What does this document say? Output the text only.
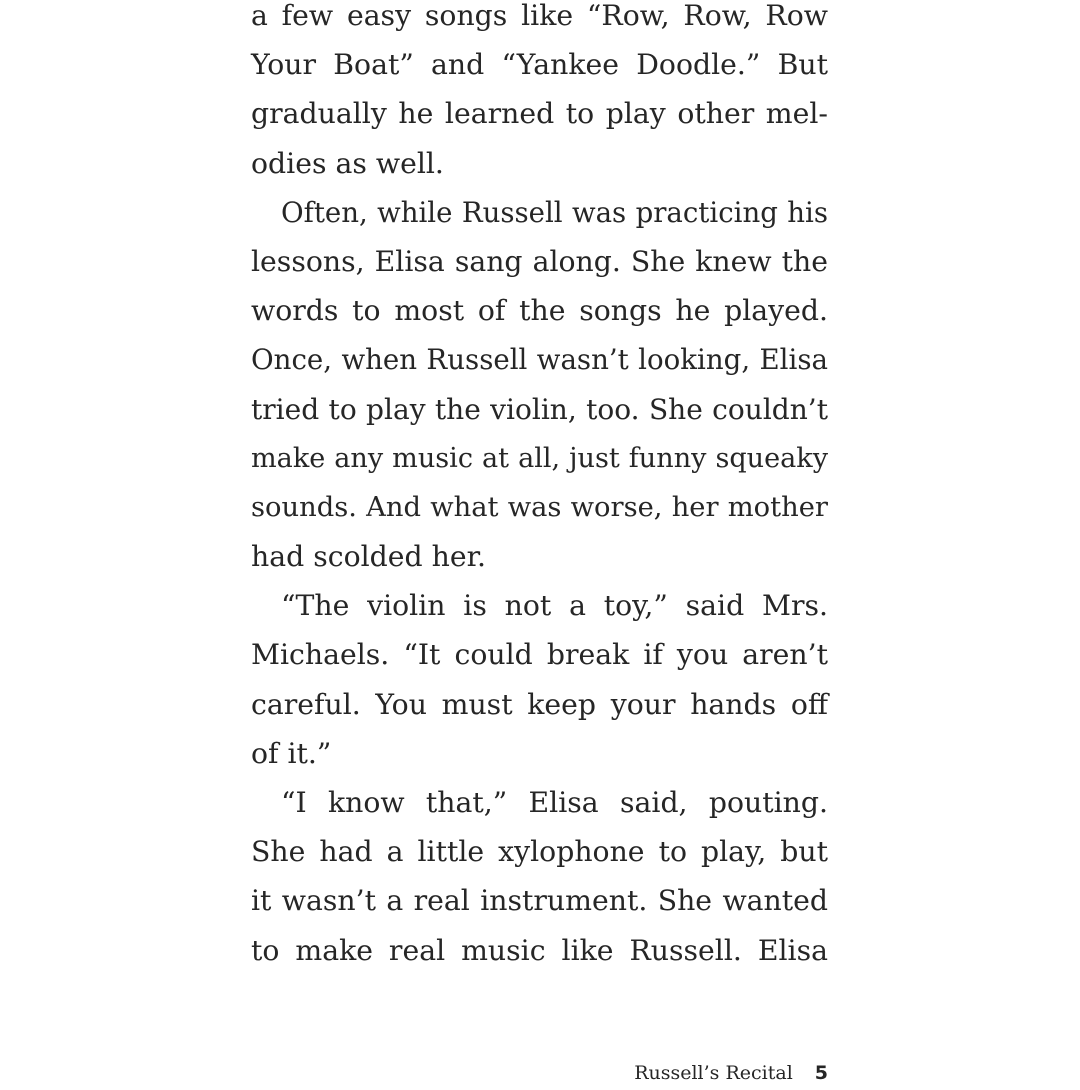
a few easy songs like “Row, Row, Row
Your Boat” and “Yankee Doodle.” But
gradually he learned to play other mel-
odies as well.
Often, while Russell was practicing his
lessons, Elisa sang along. She knew the
words to most of the songs he played.
Once, when Russell wasn’t looking, Elisa
tried to play the violin, too. She couldn’t
make any music at all, just funny squeaky
sounds. And what was worse, her mother
had scolded her.
“The violin is not a toy,” said Mrs.
Michaels. “It could break if you aren’t
careful. You must keep your hands off
of it.”
“I know that,” Elisa said, pouting.
She had a little xylophone to play, but
it wasn’t a real instrument. She wanted
to make real music like Russell. Elisa
Russell’s Recital 5
